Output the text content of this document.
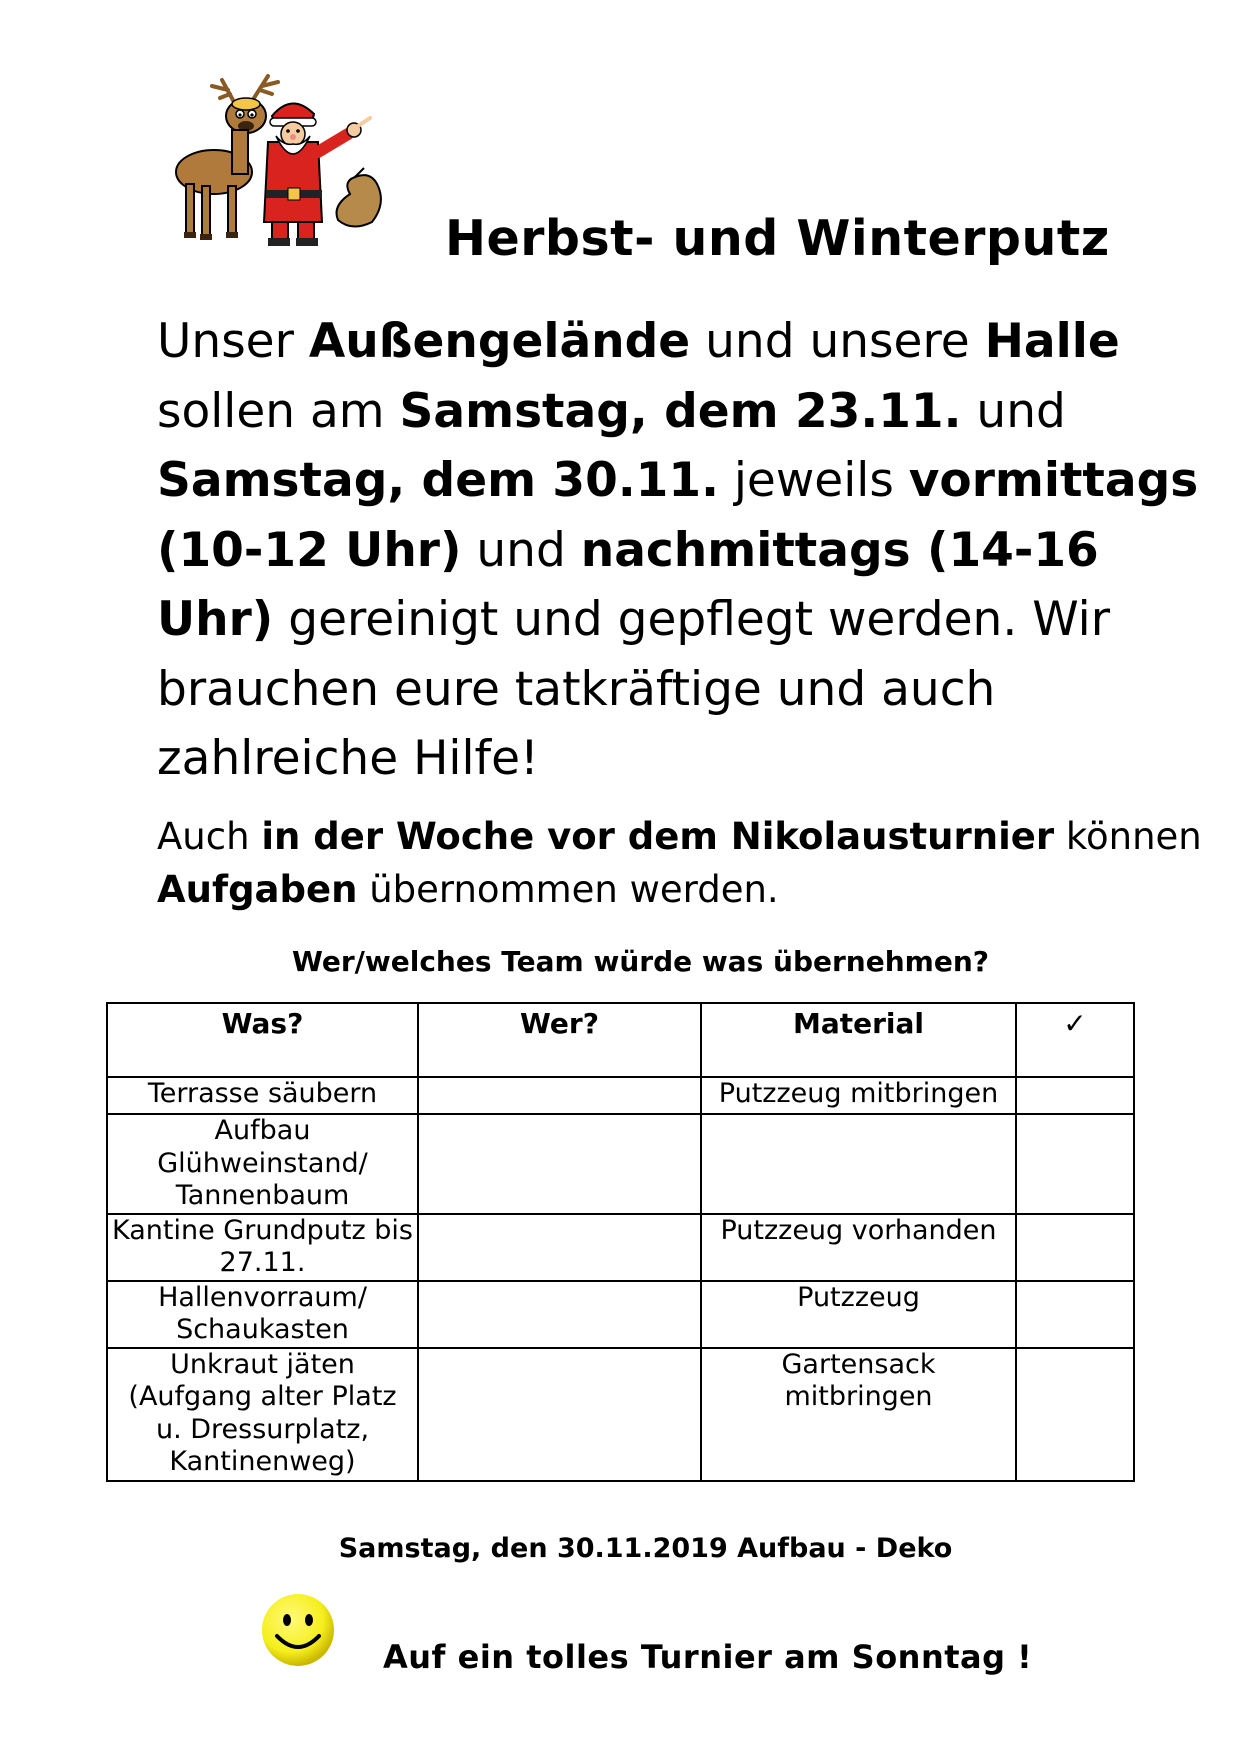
Herbst- und Winterputz

Unser Außengelände und unsere Halle sollen am Samstag, dem 23.11. und Samstag, dem 30.11. jeweils vormittags (10-12 Uhr) und nachmittags (14-16 Uhr) gereinigt und gepflegt werden. Wir brauchen eure tatkräftige und auch zahlreiche Hilfe!

Auch in der Woche vor dem Nikolausturnier können Aufgaben übernommen werden.

Wer/welches Team würde was übernehmen?
Was?	Wer?	Material	✓
Terrasse säubern		Putzzeug mitbringen	
Aufbau Glühweinstand/ Tannenbaum			
Kantine Grundputz bis 27.11.		Putzzeug vorhanden	
Hallenvorraum/ Schaukasten		Putzzeug	
Unkraut jäten (Aufgang alter Platz u. Dressurplatz, Kantinenweg)		Gartensack mitbringen	
Samstag, den 30.11.2019 Aufbau - Deko
Auf ein tolles Turnier am Sonntag !
